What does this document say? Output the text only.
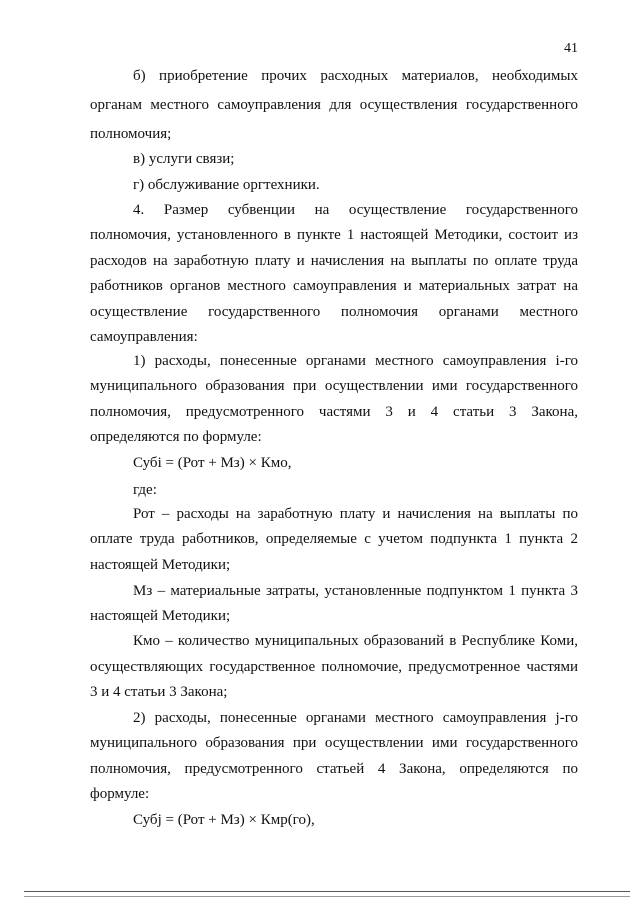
41
б) приобретение прочих расходных материалов, необходимых
органам местного самоуправления для осуществления государственного
полномочия;
в) услуги связи;
г) обслуживание оргтехники.
4. Размер субвенции на осуществление государственного
полномочия, установленного в пункте 1 настоящей Методики, состоит из
расходов на заработную плату и начисления на выплаты по оплате труда
работников органов местного самоуправления и материальных затрат на
осуществление государственного полномочия органами местного
самоуправления:
1) расходы, понесенные органами местного самоуправления i-го
муниципального образования при осуществлении ими государственного
полномочия, предусмотренного частями 3 и 4 статьи 3 Закона,
определяются по формуле:
Субi = (Рот + Мз) × Кмо,
где:
Рот – расходы на заработную плату и начисления на выплаты по
оплате труда работников, определяемые с учетом подпункта 1 пункта 2
настоящей Методики;
Мз – материальные затраты, установленные подпунктом 1 пункта 3
настоящей Методики;
Кмо – количество муниципальных образований в Республике Коми,
осуществляющих государственное полномочие, предусмотренное частями
3 и 4 статьи 3 Закона;
2) расходы, понесенные органами местного самоуправления j-го
муниципального образования при осуществлении ими государственного
полномочия, предусмотренного статьей 4 Закона, определяются по
формуле:
Субj = (Рот + Мз) × Кмр(го),
